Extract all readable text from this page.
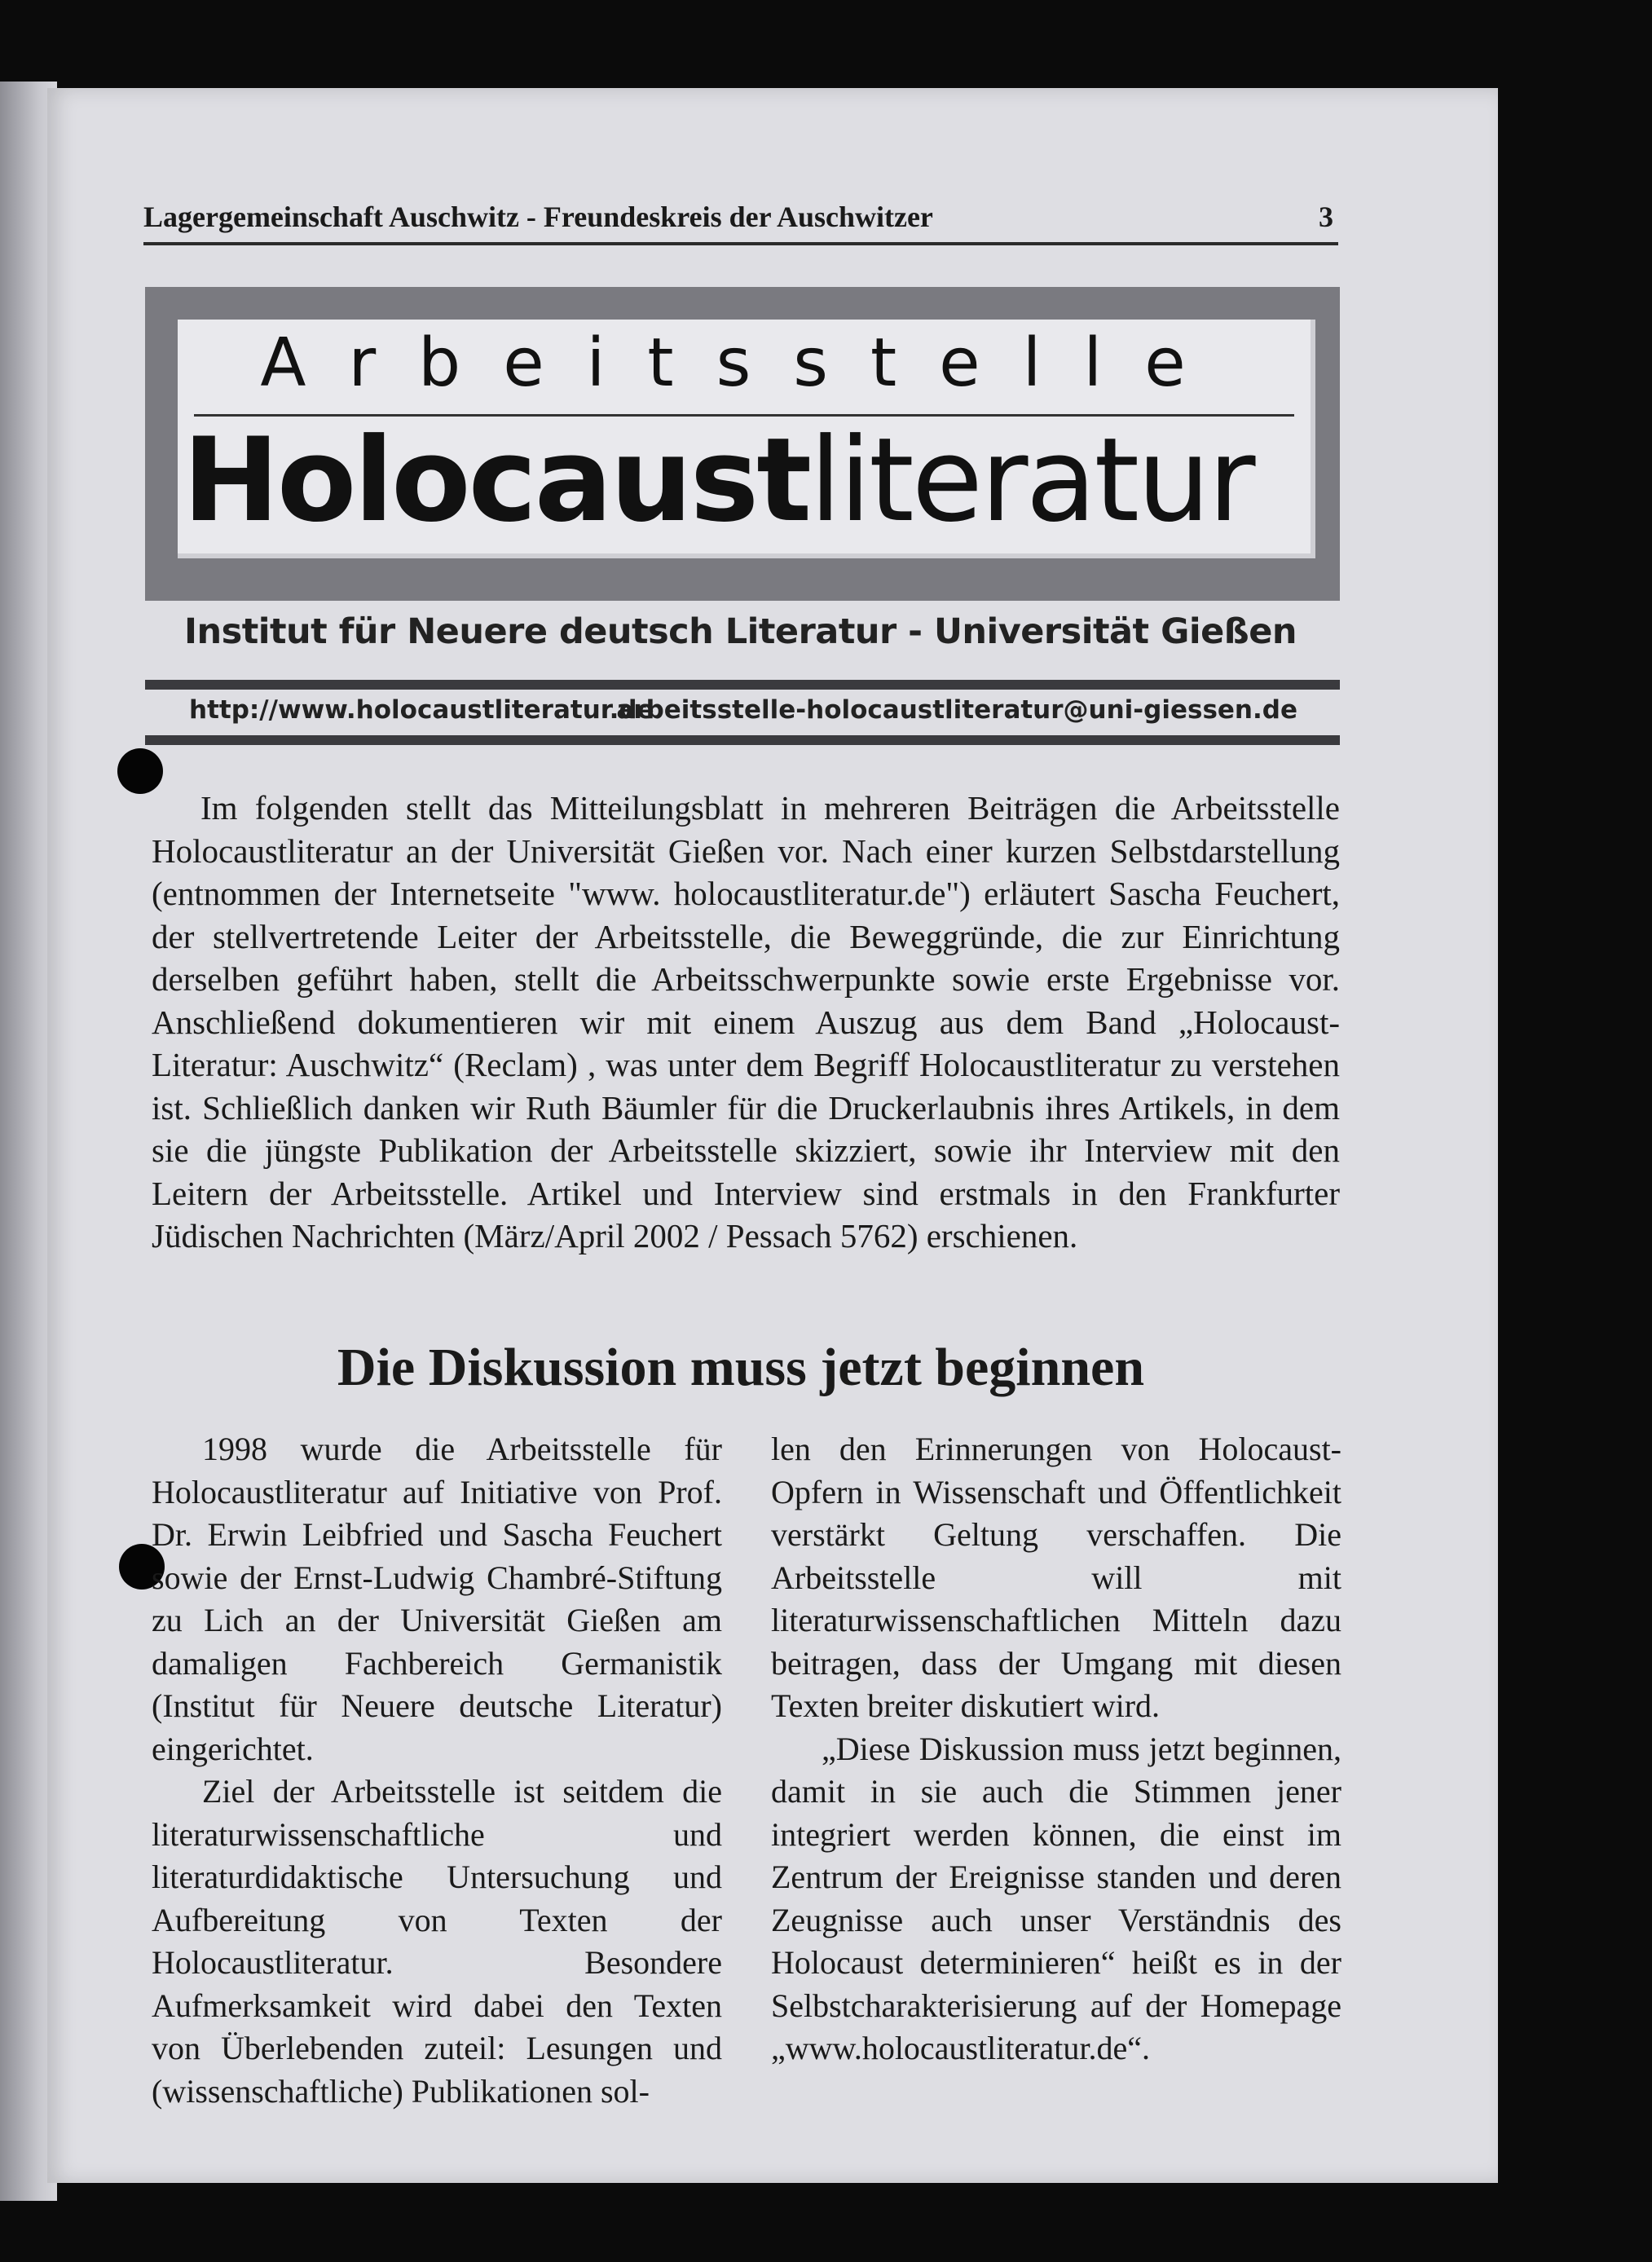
Lagergemeinschaft Auschwitz - Freundeskreis der Auschwitzer	3
Arbeitsstelle
Holocaustliteratur
Institut für Neuere deutsch Literatur - Universität Gießen
http://www.holocaustliteratur.de
arbeitsstelle-holocaustliteratur@uni-giessen.de
Im folgenden stellt das Mitteilungsblatt in mehreren Beiträgen die Arbeitsstelle Holocaustliteratur an der Universität Gießen vor. Nach einer kurzen Selbstdarstellung (entnommen der Internetseite "www. holocaustliteratur.de") erläutert Sascha Feuchert, der stellvertretende Leiter der Arbeitsstelle, die Beweggründe, die zur Einrichtung derselben geführt haben, stellt die Arbeitsschwerpunkte sowie erste Ergebnisse vor. Anschließend dokumentieren wir mit einem Auszug aus dem Band „Holocaust-Literatur: Auschwitz“ (Reclam) , was unter dem Begriff Holocaustliteratur zu verstehen ist. Schließlich danken wir Ruth Bäumler für die Druckerlaubnis ihres Artikels, in dem sie die jüngste Publikation der Arbeitsstelle skizziert, sowie ihr Interview mit den Leitern der Arbeitsstelle. Artikel und Interview sind erstmals in den Frankfurter Jüdischen Nachrichten (März/April 2002 / Pessach 5762) erschienen.
Die Diskussion muss jetzt beginnen

1998 wurde die Arbeitsstelle für Holocaustliteratur auf Initiative von Prof. Dr. Erwin Leibfried und Sascha Feuchert sowie der Ernst-Ludwig Chambré-Stiftung zu Lich an der Universität Gießen am damaligen Fachbereich Germanistik (Institut für Neuere deutsche Literatur) eingerichtet.

Ziel der Arbeitsstelle ist seitdem die literaturwissenschaftliche und literaturdidaktische Untersuchung und Aufbereitung von Texten der Holocaustliteratur. Besondere Aufmerksamkeit wird dabei den Texten von Überlebenden zuteil: Lesungen und (wissenschaftliche) Publikationen sol-

len den Erinnerungen von Holocaust-Opfern in Wissenschaft und Öffentlichkeit verstärkt Geltung verschaffen. Die Arbeitsstelle will mit literaturwissenschaftlichen Mitteln dazu beitragen, dass der Umgang mit diesen Texten breiter diskutiert wird.

„Diese Diskussion muss jetzt beginnen, damit in sie auch die Stimmen jener integriert werden können, die einst im Zentrum der Ereignisse standen und deren Zeugnisse auch unser Verständnis des Holocaust determinieren“ heißt es in der Selbstcharakterisierung auf der Homepage „www.holocaustliteratur.de“.
